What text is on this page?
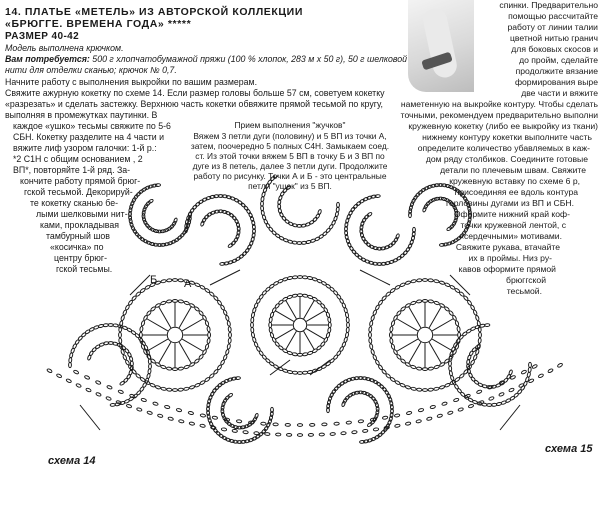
14. ПЛАТЬЕ «МЕТЕЛЬ» ИЗ АВТОРСКОЙ КОЛЛЕКЦИИ
«БРЮГГЕ. ВРЕМЕНА ГОДА» *****
РАЗМЕР 40-42
Модель выполнена крючком.
Вам потребуется: 500 г хлопчатобумажной пряжи (100 % хлопок, 283 м х 50 г), 50 г шелковой
нити для отделки сканью; крючок № 0,7.
Начните работу с выполнения выкройки по вашим размерам.
Свяжите ажурную кокетку по схеме 14. Если размер головы больше 57 см, советуем кокетку
«разрезать» и сделать застежку. Верхнюю часть кокетки обвяжите прямой тесьмой по кругу,
выполняя в промежутках паутинки. В
каждое «ушко» тесьмы свяжите по 5-6
СБН. Кокетку разделите на 4 части и
вяжите лиф узором галочки: 1-й р.:
*2 С1Н с общим основанием , 2
ВП*, повторяйте 1-й ряд. За-
кончите работу прямой брюг-
гской тесьмой. Декорируй-
те кокетку сканью бе-
лыми шелковыми нит-
ками, прокладывая
тамбурный шов
«косичка» по
центру брюг-
гской тесьмы.
спинки. Предварительно
помощью рассчитайте
работу от линии талии
цветной нитью гранич
для боковых скосов и
до пройм, сделайте
продолжите вязание
формирования выре
две части и вяжите
наметенную на выкройке контуру. Чтобы сделать
точными, рекомендуем предварительно выполни
кружевную кокетку (либо ее выкройку из ткани)
нижнему контуру кокетки выполните часть
определите количество убавляемых в каж-
дом ряду столбиков. Соедините готовые
детали по плечевым швам. Свяжите
кружевную вставку по схеме 6 р,
присоединяя ее вдоль контура
горловины дугами из ВП и СБН.
Оформите нижний край коф-
точки кружевной лентой, с
«сердечными» мотивами.
Свяжите рукава, втачайте
их в проймы. Низ ру-
кавов оформите прямой
брюггской
тесьмой.
Прием выполнения "жучков"
Вяжем 3 петли дуги (половину) и 5 ВП из точки А,
затем, поочередно 5 полных С4Н. Замыкаем соед.
ст. Из этой точки вяжем 5 ВП в точку Б и 3 ВП по
дуге из 8 петель, далее 3 петли дуги. Продолжите
работу по рисунку. Точки А и Б - это центральные
петли "ушек" из 5 ВП.
Б А
схема 14
схема 15
